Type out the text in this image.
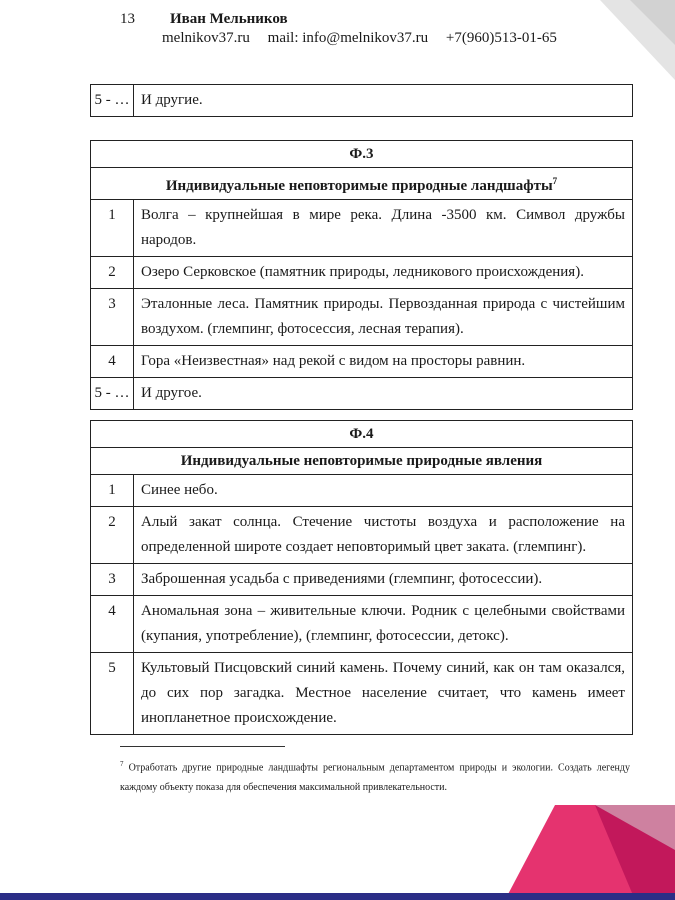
13 Иван Мельников
melnikov37.ru mail: info@melnikov37.ru +7(960)513-01-65
5 - …	И другие.
Ф.3	
Индивидуальные неповторимые природные ландшафты$^7$
1	Волга – крупнейшая в мире река. Длина -3500 км. Символ дружбы народов.
2	Озеро Серковское (памятник природы, ледникового происхождения).
3	Эталонные леса. Памятник природы. Первозданная природа с чистейшим воздухом. (глемпинг, фотосессия, лесная терапия).
4	Гора «Неизвестная» над рекой с видом на просторы равнин.
5 - …	И другое.
Ф.4	
Индивидуальные неповторимые природные явления	
1	Синее небо.
2	Алый закат солнца. Стечение чистоты воздуха и расположение на определенной широте создает неповторимый цвет заката. (глемпинг).
3	Заброшенная усадьба с приведениями (глемпинг, фотосессии).
4	Аномальная зона – живительные ключи. Родник с целебными свойствами (купания, употребление), (глемпинг, фотосессии, детокс).
5	Культовый Писцовский синий камень. Почему синий, как он там оказался, до сих пор загадка. Местное население считает, что камень имеет инопланетное происхождение.
$^7$ Отработать другие природные ландшафты региональным департаментом природы и экологии. Создать легенду каждому объекту показа для обеспечения максимальной привлекательности.
